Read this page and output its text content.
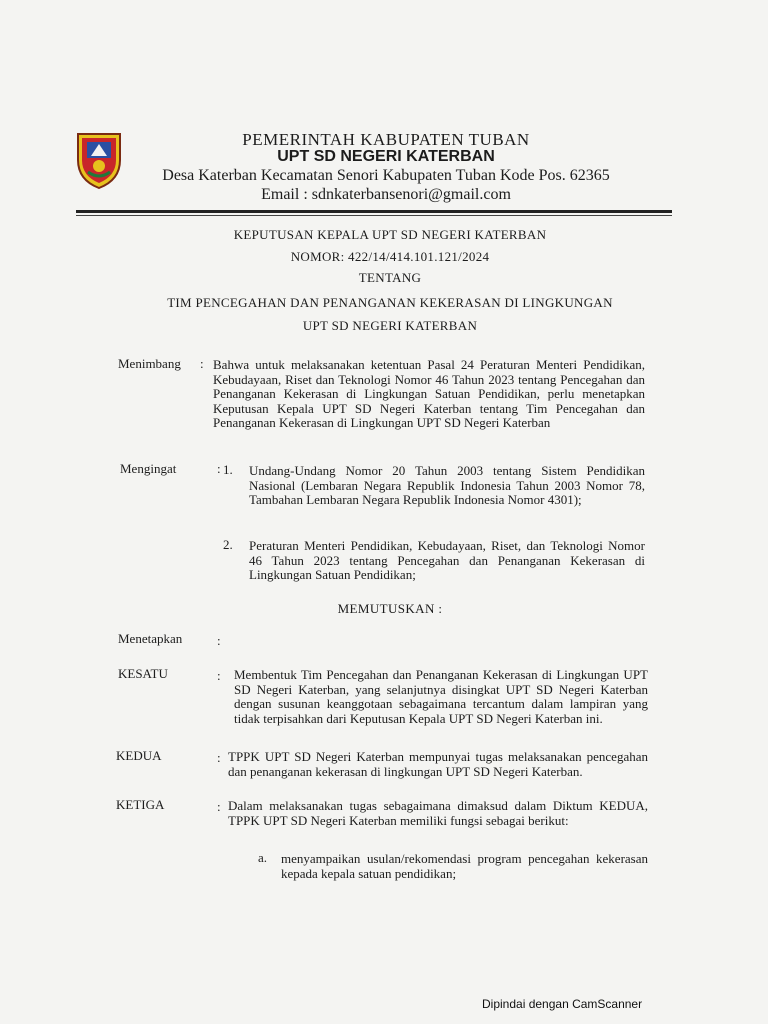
PEMERINTAH KABUPATEN TUBAN
UPT SD NEGERI KATERBAN
Desa Katerban Kecamatan Senori Kabupaten Tuban Kode Pos. 62365
Email : sdnkaterbansenori@gmail.com
KEPUTUSAN KEPALA UPT SD NEGERI KATERBAN
NOMOR: 422/14/414.101.121/2024
TENTANG
TIM PENCEGAHAN DAN PENANGANAN KEKERASAN DI LINGKUNGAN
UPT SD NEGERI KATERBAN
Menimbang : Bahwa untuk melaksanakan ketentuan Pasal 24 Peraturan Menteri Pendidikan, Kebudayaan, Riset dan Teknologi Nomor 46 Tahun 2023 tentang Pencegahan dan Penanganan Kekerasan di Lingkungan Satuan Pendidikan, perlu menetapkan Keputusan Kepala UPT SD Negeri Katerban tentang Tim Pencegahan dan Penanganan Kekerasan di Lingkungan UPT SD Negeri Katerban
Mengingat	: 1. Undang-Undang Nomor 20 Tahun 2003 tentang Sistem Pendidikan Nasional (Lembaran Negara Republik Indonesia Tahun 2003 Nomor 78, Tambahan Lembaran Negara Republik Indonesia Nomor 4301);
2. Peraturan Menteri Pendidikan, Kebudayaan, Riset, dan Teknologi Nomor 46 Tahun 2023 tentang Pencegahan dan Penanganan Kekerasan di Lingkungan Satuan Pendidikan;
MEMUTUSKAN :
Menetapkan	:
KESATU	: Membentuk Tim Pencegahan dan Penanganan Kekerasan di Lingkungan UPT SD Negeri Katerban, yang selanjutnya disingkat UPT SD Negeri Katerban dengan susunan keanggotaan sebagaimana tercantum dalam lampiran yang tidak terpisahkan dari Keputusan Kepala UPT SD Negeri Katerban ini.
KEDUA	: TPPK UPT SD Negeri Katerban mempunyai tugas melaksanakan pencegahan dan penanganan kekerasan di lingkungan UPT SD Negeri Katerban.
KETIGA	: Dalam melaksanakan tugas sebagaimana dimaksud dalam Diktum KEDUA, TPPK UPT SD Negeri Katerban memiliki fungsi sebagai berikut:
a. menyampaikan usulan/rekomendasi program pencegahan kekerasan kepada kepala satuan pendidikan;
Dipindai dengan CamScanner
